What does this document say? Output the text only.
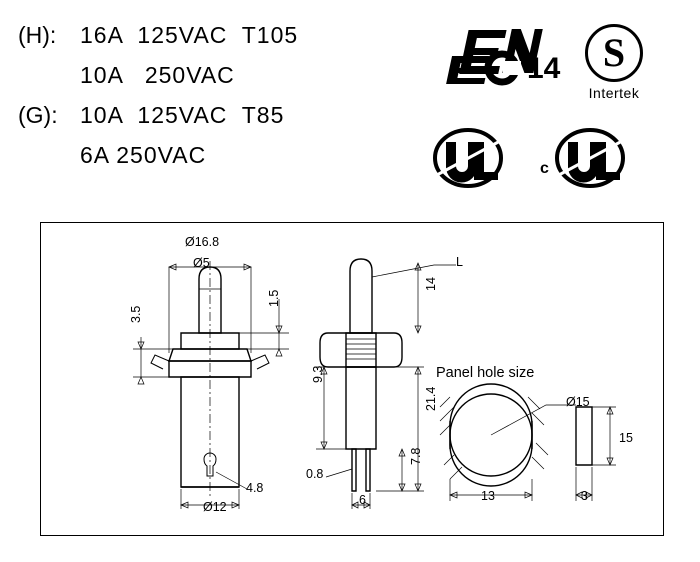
(H):	16A  125VAC  T105
10A   250VAC
(G): 10A  125VAC  T85
6A 250VAC
14	S
Intertek
c
Ø16.8
Ø5
1.5
3.5
4.8
Ø12
L
14
9.3
21.4
7.8
0.8
6
Panel hole size
Ø15
13
15
3
